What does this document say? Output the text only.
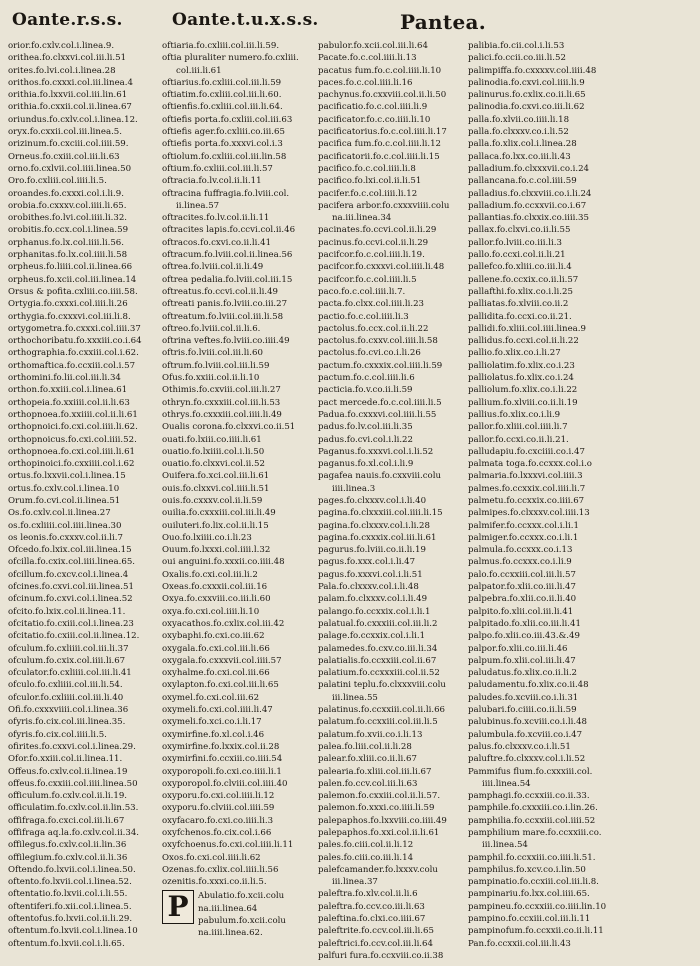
Oante.r.s.s.	Oante.t.u.x.s.s.	Pantea.
orior.fo.cxlv.col.i.linea.9.
orithea.fo.clxxvi.col.iii.li.51
orites.fo.lvi.col.i.linea.28
orithos.fo.cxxxi.col.iii.linea.4
orithia.fo.lxxvii.col.iii.lin.61
orithia.fo.cxxii.col.ii.linea.67
oriundus.fo.cxlv.col.i.linea.12.
oryx.fo.cxxii.col.iii.linea.5.
orizinum.fo.cxciii.col.iiii.59.
Orneus.fo.cxiii.col.iii.li.63
orno.fo.cxlvii.col.iiii.linea.50
Oro.fo.cxliii.col.iiii.li.5.
oroandes.fo.cxxxi.col.i.li.9.
orobia.fo.cxxxv.col.iiii.li.65.
orobithes.fo.lvi.col.iiii.li.32.
orobitis.fo.ccx.col.i.linea.59
orphanus.fo.lx.col.iiii.li.56.
orphanitas.fo.lx.col.iiii.li.58
orpheus.fo.liiii.col.ii.linea.66
orpheus.fo.xcii.col.iii.linea.14
Orsus & pofita.cxliii.co.iiii.58.
Ortygia.fo.cxxxi.col.iiii.li.26
orthygia.fo.cxxxvi.col.iii.li.8.
ortygometra.fo.cxxxi.col.iiii.37
orthochoribatu.fo.xxxiii.co.i.64
orthographia.fo.cxxiii.col.i.62.
orthomaftica.fo.ccxiii.col.i.57
orthomini.fo.lii.col.iii.li.34
orthon.fo.xxiii.col.i.linea.61
orthopeia.fo.xxiiii.col.ii.li.63
orthopnoea.fo.xxiiii.col.ii.li.61
orthopnoici.fo.cxi.col.iiii.li.62.
orthopnoicus.fo.cxi.col.iiii.52.
orthopnoea.fo.cxi.col.iiii.li.61
orthopinoici.fo.cxxiiii.col.i.62
ortus.fo.lxxvii.col.i.linea.15
ortus.fo.cxlv.col.i.linea.10
Orum.fo.cvi.col.ii.linea.51
Os.fo.cxlv.col.ii.linea.27
os.fo.cxliiii.col.iiii.linea.30
os leonis.fo.cxxxv.col.ii.li.7
Ofcedo.fo.lxix.col.iii.linea.15
ofcilla.fo.cxix.col.iiii.linea.65.
ofcillum.fo.cxcv.col.i.linea.4
ofcines.fo.cxvi.col.iii.linea.51
ofcinum.fo.cxvi.col.i.linea.52
ofcito.fo.lxix.col.ii.linea.11.
ofcitatio.fo.cxiii.col.i.linea.23
ofcitatio.fo.cxiii.col.ii.linea.12.
ofculum.fo.cxliiii.col.iii.li.37
ofculum.fo.cxix.col.iiii.li.67
ofculator.fo.cxliiii.col.iii.li.41
ofculo.fo.cxliiii.col.iii.li.54.
ofculor.fo.cxliiii.col.iii.li.40
Ofi.fo.cxxxviiii.col.i.linea.36
ofyris.fo.cix.col.iii.linea.35.
ofyris.fo.cix.col.iiii.li.5.
ofirites.fo.cxxvi.col.i.linea.29.
Ofor.fo.xxiii.col.ii.linea.11.
Offeus.fo.cxlv.col.ii.linea.19
offeus.fo.cxxiii.col.iiii.linea.50
officulum.fo.cxlv.col.ii.li.19.
officulatim.fo.cxlv.col.ii.lin.53.
offifraga.fo.cxci.col.iii.li.67
offifraga aq.la.fo.cxlv.col.ii.34.
offilegus.fo.cxlv.col.ii.lin.36
offilegium.fo.cxlv.col.ii.li.36
Oftendo.fo.lxvii.col.i.linea.50.
oftento.fo.lxvii.col.i.linea.52.
oftentatio.fo.lxvii.col.i.li.55.
oftentiferi.fo.xii.col.i.linea.5.
oftentofus.fo.lxvii.col.ii.li.29.
oftentum.fo.lxvii.col.i.linea.10
oftentum.fo.lxvii.col.i.li.65.
oftiaria.fo.cxliii.col.iii.li.59.
oftia pluraliter numero.fo.cxliii.
col.iii.li.61
oftiarius.fo.cxliii.col.iii.li.59
oftiatim.fo.cxliii.col.iii.li.60.
oftienfis.fo.cxliii.col.iii.li.64.
oftiefis porta.fo.cxliii.col.iii.63
oftiefis ager.fo.cxliii.co.iii.65
oftiefis porta.fo.xxxvi.col.i.3
oftiolum.fo.cxliii.col.iii.lin.58
oftium.fo.cxliii.col.iii.li.57
oftracia.fo.lv.col.ii.li.11
oftracina fuffragia.fo.lviii.col.
ii.linea.57
oftracites.fo.lv.col.ii.li.11
oftracites lapis.fo.ccvi.col.ii.46
oftracos.fo.cxvi.co.ii.li.41
oftracum.fo.lviii.col.ii.linea.56
oftrea.fo.lviii.col.ii.li.49
oftrea pedalia.fo.lviii.col.iii.15
oftreatus.fo.ccvi.col.ii.li.49
oftreati panis.fo.lviii.co.iii.27
oftreatum.fo.lviii.col.iii.li.58
oftreo.fo.lviii.col.ii.li.6.
oftrina veftes.fo.lviii.co.iiii.49
oftris.fo.lviii.col.iii.li.60
oftrum.fo.lviii.col.iii.li.59
Ofus.fo.xxiii.col.ii.li.10
Othimis.fo.cxviii.col.iii.li.27
othryn.fo.cxxxiii.col.iii.li.53
othrys.fo.cxxxiii.col.iiii.li.49
Oualis corona.fo.clxxvi.co.ii.51
ouati.fo.lxiii.co.iiii.li.61
ouatio.fo.lxiiii.col.i.li.50
ouatio.fo.clxxvi.col.ii.52
Ouifera.fo.xci.col.iii.li.61
ouis.fo.clxxvi.col.iiii.li.51
ouis.fo.cxxxv.col.ii.li.59
ouilia.fo.cxxxiii.col.iii.li.49
ouiluteri.fo.lix.col.ii.li.15
Ouo.fo.lxiiii.co.i.li.23
Ouum.fo.lxxxi.col.iiii.l.32
oui anguini.fo.xxxii.co.iiii.48
Oxalis.fo.cxi.col.iii.li.2
Oxeas.fo.cxxxii.col.iii.16
Oxya.fo.cxxviii.co.iii.li.60
oxya.fo.cxi.col.iiii.li.10
oxyacathos.fo.cxlix.col.iii.42
oxybaphi.fo.cxi.co.iii.62
oxygala.fo.cxi.col.iii.li.66
oxygala.fo.cxxxvii.col.iiii.57
oxyhalme.fo.cxi.col.iii.66
oxylapton.fo.cxi.col.iii.li.65
oxymel.fo.cxi.col.iii.62
oxymeli.fo.cxi.col.iiii.li.47
oxymeli.fo.xci.co.i.li.17
oxymirfine.fo.xl.col.i.46
oxymirfine.fo.lxxix.col.ii.28
oxymirfini.fo.ccxiii.co.iiii.54
oxyporopoli.fo.cxi.co.iiii.li.1
oxyporopol.fo.clviii.col.iiii.40
oxyporu.fo.cxi.col.iiii.li.12
oxyporu.fo.clviii.col.iiii.59
oxyfacaro.fo.cxi.co.iiii.li.3
oxyfchenos.fo.cix.col.i.66
oxyfchoenus.fo.cxi.col.iiii.li.11
Oxos.fo.cxi.col.iiii.li.62
Ozenas.fo.cxlix.col.iiii.li.56
ozenitis.fo.xxxi.co.ii.li.5.
P	Abulatio.fo.xcii.colu
na.iii.linea.64
pabulum.fo.xcii.colu
na.iiii.linea.62.
pabulor.fo.xcii.col.iii.li.64
Pacate.fo.c.col.iiii.li.13
pacatus fum.fo.c.col.iiii.li.10
paces.fo.c.col.iiii.li.16
pachynus.fo.cxxviii.col.ii.li.50
pacificatio.fo.c.col.iiii.li.9
pacificator.fo.c.co.iiii.li.10
pacificatorius.fo.c.col.iiii.li.17
pacifica fum.fo.c.col.iiii.li.12
pacificatorii.fo.c.col.iiii.li.15
pacifico.fo.c.col.iiii.li.8
pacifico.fo.lxi.col.ii.li.51
pacifer.fo.c.col.iiii.li.12
pacifera arbor.fo.cxxxviiii.colu
na.iii.linea.34
pacinates.fo.ccvi.col.ii.li.29
pacinus.fo.ccvi.col.ii.li.29
pacifcor.fo.c.col.iiii.li.19.
pacifcor.fo.cxxxvi.col.iiii.li.48
pacifcor.fo.c.col.iiii.li.5
paco.fo.c.col.iiii.li.7.
pacta.fo.clxx.col.iiii.li.23
pactio.fo.c.col.iiii.li.3
pactolus.fo.ccx.col.ii.li.22
pactolus.fo.cxxv.col.iiii.li.58
pactolus.fo.cvi.co.i.li.26
pactum.fo.cxxxix.col.iiii.li.59
pactum.fo.c.col.iiii.li.6
pacticia.fo.v.co.ii.li.59
pact mercede.fo.c.col.iiii.li.5
Padua.fo.cxxxvi.col.iiii.li.55
padus.fo.lv.col.iii.li.35
padus.fo.cvi.col.i.li.22
Paganus.fo.xxxvi.col.i.li.52
paganus.fo.xl.col.i.li.9
pagafea nauis.fo.cxxviii.colu
iiii.linea.3
pages.fo.clxxxv.col.i.li.40
pagina.fo.clxxxiii.col.iiii.li.15
pagina.fo.clxxxv.col.i.li.28
pagina.fo.cxxxix.col.iii.li.61
pagurus.fo.lviii.co.ii.li.19
pagus.fo.xxx.col.i.li.47
pagus.fo.xxxvi.col.i.li.51
Pala.fo.clxxxv.col.i.li.48
palam.fo.clxxxv.col.i.li.49
palango.fo.ccxxix.col.i.li.1
palatual.fo.cxxxiii.col.iii.li.2
palage.fo.ccxxix.col.i.li.1
palamedes.fo.cxv.co.iii.li.34
palatialis.fo.ccxxiii.col.ii.67
palatium.fo.ccxxxiii.col.ii.52
palatini teplu.fo.clxxxviii.colu
iii.linea.55
palatinus.fo.ccxxiii.col.ii.li.66
palatum.fo.ccxxiii.col.iii.li.5
palatum.fo.xvii.co.i.li.13
palea.fo.liii.col.ii.li.28
palear.fo.xliii.co.ii.li.67
palearia.fo.xliii.col.iii.li.67
palen.fo.ccv.col.iii.li.63
palemon.fo.cxxiii.col.ii.li.57.
palemon.fo.xxxi.co.iiii.li.59
palepaphos.fo.lxxviii.co.iiii.49
palepaphos.fo.xxi.col.ii.li.61
pales.fo.ciii.col.ii.li.12
pales.fo.ciii.co.iii.li.14
palefcamander.fo.lxxxv.colu
iii.linea.37
paleftra.fo.xlv.col.ii.li.6
paleftra.fo.ccv.co.iii.li.63
paleftina.fo.clxi.co.iiii.67
paleftrite.fo.ccv.col.iii.li.65
paleftrici.fo.ccv.col.iii.li.64
palfuri fura.fo.ccxviii.co.ii.38
palibia.fo.cii.col.i.li.53
palici.fo.ccii.co.iii.li.52
palimpiffa.fo.cxxxxv.col.iiii.48
palinodia.fo.cxvi.col.iiii.li.9
palinurus.fo.cxlix.co.ii.li.65
palinodia.fo.cxvi.co.iii.li.62
palla.fo.xlvii.co.iiii.li.18
palla.fo.clxxxv.co.i.li.52
palla.fo.xlix.col.i.linea.28
pallaca.fo.lxx.co.iii.li.43
palladium.fo.clxxxvii.co.i.24
pallancana.fo.c.col.iiii.59
palladius.fo.clxxviii.co.i.li.24
palladium.fo.ccxxvii.co.i.67
pallantias.fo.clxxix.co.iiii.35
pallax.fo.clxvi.co.ii.li.55
pallor.fo.lviii.co.iii.li.3
pallo.fo.ccxi.col.ii.li.21
pallefco.fo.xliii.co.iii.li.4
pallene.fo.ccxix.co.ii.li.57
pallafthi.fo.xlix.co.i.li.25
palliatas.fo.xlviii.co.ii.2
pallidita.fo.ccxi.co.ii.21.
pallidi.fo.xliii.col.iiii.linea.9
pallidus.fo.ccxi.col.ii.li.22
pallio.fo.xlix.co.i.li.27
palliolatim.fo.xlix.co.i.23
palliolatus.fo.xlix.co.i.24
palliolum.fo.xlix.co.i.li.22
pallium.fo.xlviii.co.ii.li.19
pallius.fo.xlix.co.i.li.9
pallor.fo.xliii.col.iiii.li.7
pallor.fo.ccxi.co.ii.li.21.
palludapiu.fo.cxciiii.co.i.47
palmata toga.fo.ccxxx.col.i.o
palmaria.fo.lxxxvi.col.iiii.3
palmes.fo.ccxxix.col.iiii.li.7
palmetu.fo.ccxxix.co.iiii.67
palmipes.fo.clxxxv.col.iiii.13
palmifer.fo.ccxxx.col.i.li.1
palmiger.fo.ccxxx.co.i.li.1
palmula.fo.ccxxx.co.i.13
palmus.fo.ccxxx.co.i.li.9
palo.fo.ccxxiii.col.iii.li.57
palpator.fo.xlii.co.iii.li.47
palpebra.fo.xlii.co.ii.li.40
palpito.fo.xlii.col.iii.li.41
palpitado.fo.xlii.co.iii.li.41
palpo.fo.xlii.co.iii.43.&.49
palpor.fo.xlii.co.iii.li.46
palpum.fo.xlii.col.iii.li.47
paludatus.fo.xlix.co.ii.li.2
paludamentu.fo.xlix.co.ii.48
paludes.fo.xcviii.co.i.li.31
palubari.fo.ciiii.co.ii.li.59
palubinus.fo.xcviii.co.i.li.48
palumbula.fo.xcviii.co.i.47
palus.fo.clxxxv.co.i.li.51
paluftre.fo.clxxxv.col.i.li.52
Pammifus flum.fo.cxxxiii.col.
iiii.linea.54
pamphagi.fo.ccxxiii.co.ii.33.
pamphile.fo.cxxxiii.co.i.lin.26.
pamphilia.fo.ccxxiii.col.iiii.52
pamphilium mare.fo.ccxxiii.co.
iii.linea.54
pamphil.fo.ccxxiii.co.iiii.li.51.
pamphilus.fo.xcv.co.i.lin.50
pampinatio.fo.ccxiii.col.iii.li.8.
pampinariu.fo.lxx.col.iiii.65.
pampineu.fo.ccxxiii.co.iiii.lin.10
pampino.fo.ccxiii.col.iii.li.11
pampinofum.fo.ccxxii.co.ii.li.11
Pan.fo.ccxxii.col.iii.li.43
